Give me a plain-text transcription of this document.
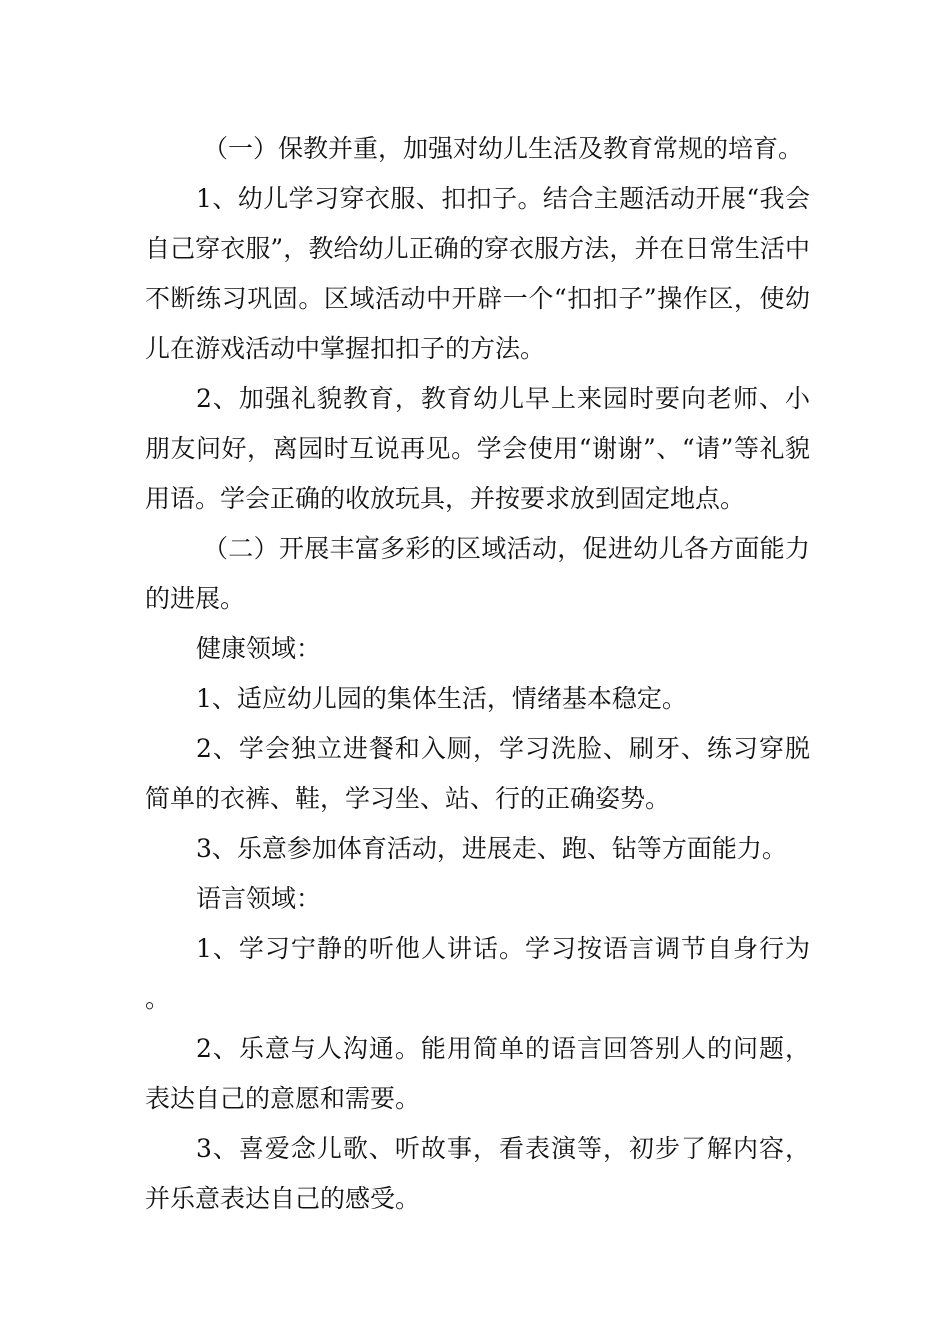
（一）保教并重，加强对幼儿生活及教育常规的培育。

1、幼儿学习穿衣服、扣扣子。结合主题活动开展“我会自己穿衣服”，教给幼儿正确的穿衣服方法，并在日常生活中不断练习巩固。区域活动中开辟一个“扣扣子”操作区，使幼儿在游戏活动中掌握扣扣子的方法。

2、加强礼貌教育，教育幼儿早上来园时要向老师、小朋友问好，离园时互说再见。学会使用“谢谢”、“请”等礼貌用语。学会正确的收放玩具，并按要求放到固定地点。

（二）开展丰富多彩的区域活动，促进幼儿各方面能力的进展。

健康领域：

1、适应幼儿园的集体生活，情绪基本稳定。

2、学会独立进餐和入厕，学习洗脸、刷牙、练习穿脱简单的衣裤、鞋，学习坐、站、行的正确姿势。

3、乐意参加体育活动，进展走、跑、钻等方面能力。

语言领域：

1、学习宁静的听他人讲话。学习按语言调节自身行为。

2、乐意与人沟通。能用简单的语言回答别人的问题，表达自己的意愿和需要。

3、喜爱念儿歌、听故事，看表演等，初步了解内容，并乐意表达自己的感受。
